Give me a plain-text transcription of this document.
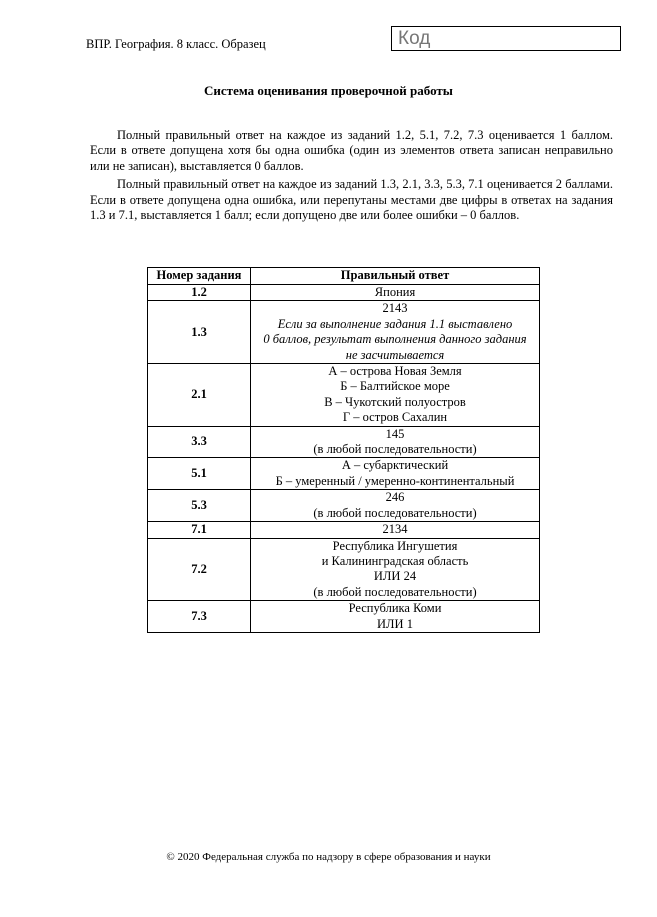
ВПР. География. 8 класс. Образец	Код
Система оценивания проверочной работы

Полный правильный ответ на каждое из заданий 1.2, 5.1, 7.2, 7.3 оценивается 1 баллом. Если в ответе допущена хотя бы одна ошибка (один из элементов ответа записан неправильно или не записан), выставляется 0 баллов.

Полный правильный ответ на каждое из заданий 1.3, 2.1, 3.3, 5.3, 7.1 оценивается 2 баллами. Если в ответе допущена одна ошибка, или перепутаны местами две цифры в ответах на задания 1.3 и 7.1, выставляется 1 балл; если допущено две или более ошибки – 0 баллов.

Номер задания	Правильный ответ
1.2	Япония

1.3	2143
Если за выполнение задания 1.1 выставлено
0 баллов, результат выполнения данного задания
не засчитывается

2.1	А – острова Новая Земля
Б – Балтийское море
В – Чукотский полуостров
Г – остров Сахалин

3.3	145
(в любой последовательности)

5.1	А – субарктический
Б – умеренный / умеренно-континентальный

5.3	246
(в любой последовательности)

7.1	2134

7.2	Республика Ингушетия
и Калининградская область
ИЛИ 24
(в любой последовательности)

7.3	Республика Коми
ИЛИ 1
© 2020 Федеральная служба по надзору в сфере образования и науки
